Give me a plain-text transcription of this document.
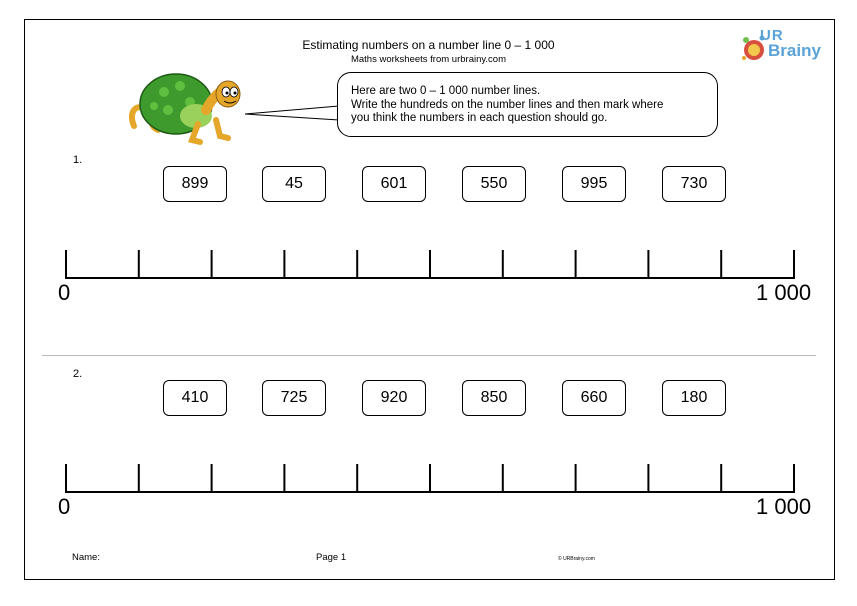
Estimating numbers on a number line 0 – 1 000
Maths worksheets from urbrainy.com
UR
Brainy
Here are two 0 – 1 000 number lines.
Write the hundreds on the number lines and then mark where
you think the numbers in each question should go.
1.
899	45	601	550	995	730
0	1 000
2.
410	725	920	850	660	180
0	1 000
Name:	Page 1	© URBrainy.com
